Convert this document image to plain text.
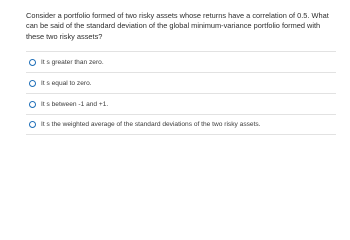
Consider a portfolio formed of two risky assets whose returns have a correlation of 0.5. What can be said of the standard deviation of the global minimum-variance portfolio formed with these two risky assets?

It s greater than zero.
It s equal to zero.
It s between -1 and +1.
It s the weighted average of the standard deviations of the two risky assets.
